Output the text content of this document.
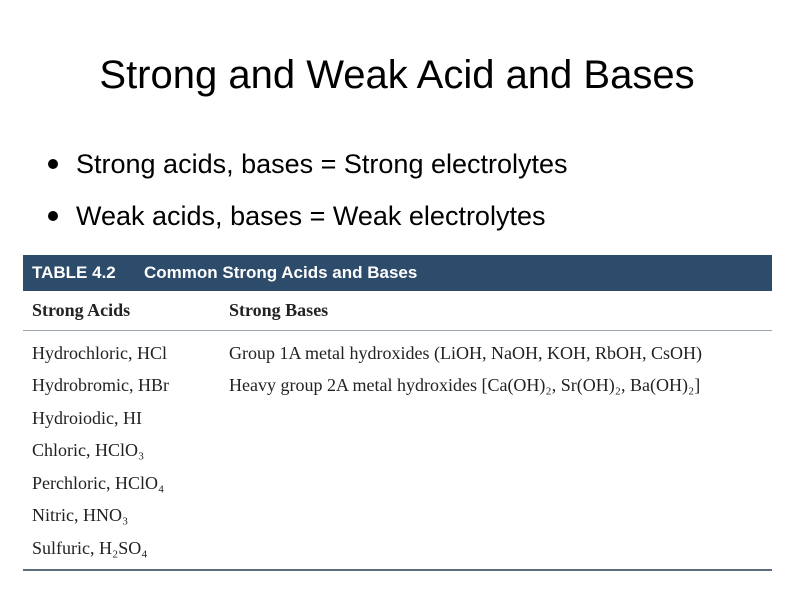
Strong and Weak Acid and Bases
Strong acids, bases = Strong electrolytes
Weak acids, bases = Weak electrolytes
TABLE 4.2	Common Strong Acids and Bases
Strong Acids	Strong Bases
Hydrochloric, HCl	Group 1A metal hydroxides (LiOH, NaOH, KOH, RbOH, CsOH)
Hydrobromic, HBr	Heavy group 2A metal hydroxides [Ca(OH)₂, Sr(OH)₂, Ba(OH)₂]
Hydroiodic, HI
Chloric, HClO₃
Perchloric, HClO₄
Nitric, HNO₃
Sulfuric, H₂SO₄
